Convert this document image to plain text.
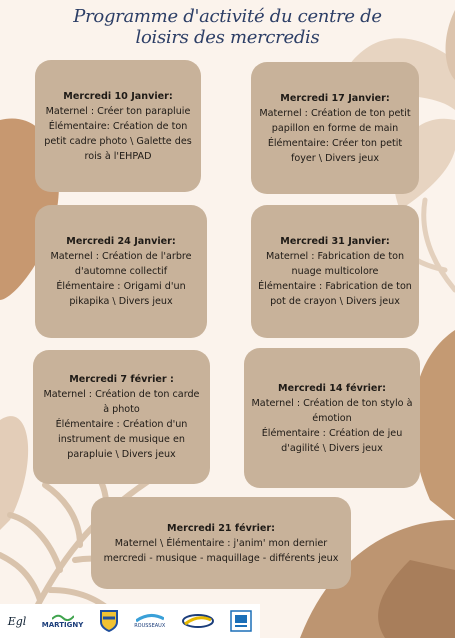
Programme d'activité du centre de
loisirs des mercredis
Mercredi 10 Janvier:
Maternel : Créer ton parapluie
Élémentaire: Création de ton
petit cadre photo \ Galette des
rois à l'EHPAD
Mercredi 17 Janvier:
Maternel : Création de ton petit
papillon en forme de main
Élémentaire: Créer ton petit
foyer \ Divers jeux
Mercredi 24 Janvier:
Maternel : Création de l'arbre
d'automne collectif
Élémentaire : Origami d'un
pikapika \ Divers jeux
Mercredi 31 Janvier:
Maternel : Fabrication de ton
nuage multicolore
Élémentaire : Fabrication de ton
pot de crayon \ Divers jeux
Mercredi 7 février :
Maternel : Création de ton carde
à photo
Élémentaire : Création d'un
instrument de musique en
parapluie \ Divers jeux
Mercredi 14 février:
Maternel : Création de ton stylo à
émotion
Élémentaire : Création de jeu
d'agilité \ Divers jeux
Mercredi 21 février:
Maternel \ Élémentaire : j'anim' mon dernier
mercredi - musique - maquillage - différents jeux
Egl MARTIGNY	ROUSSEAUX
